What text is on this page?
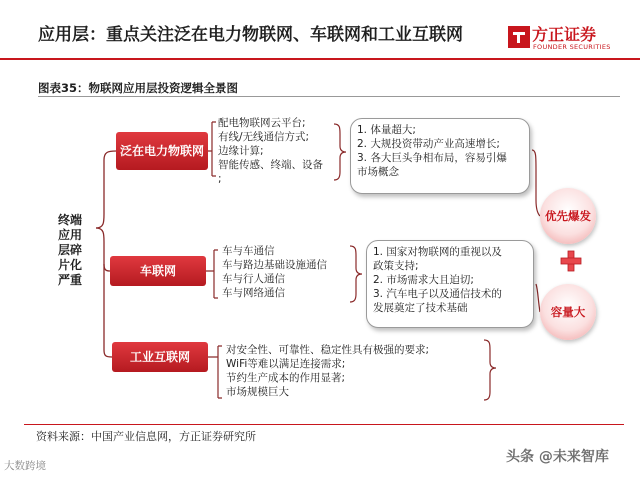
应用层：重点关注泛在电力物联网、车联网和工业互联网	方正证券
FOUNDER SECURITIES
图表35：物联网应用层投资逻辑全景图
终端应用层碎片化严重
泛在电力物联网
车联网
工业互联网
配电物联网云平台;
有线/无线通信方式;
边缘计算;
智能传感、终端、设备
;
车与车通信
车与路边基础设施通信
车与行人通信
车与网络通信
对安全性、可靠性、稳定性具有极强的要求;
WiFi等难以满足连接需求;
节约生产成本的作用显著;
市场规模巨大
1. 体量超大;
2. 大规投资带动产业高速增长;
3. 各大巨头争相布局，容易引爆
市场概念
1. 国家对物联网的重视以及
政策支持;
2. 市场需求大且迫切;
3. 汽车电子以及通信技术的
发展奠定了技术基础
优先爆发
容量大
资料来源：中国产业信息网，方正证券研究所
大数跨境
头条 @未来智库
